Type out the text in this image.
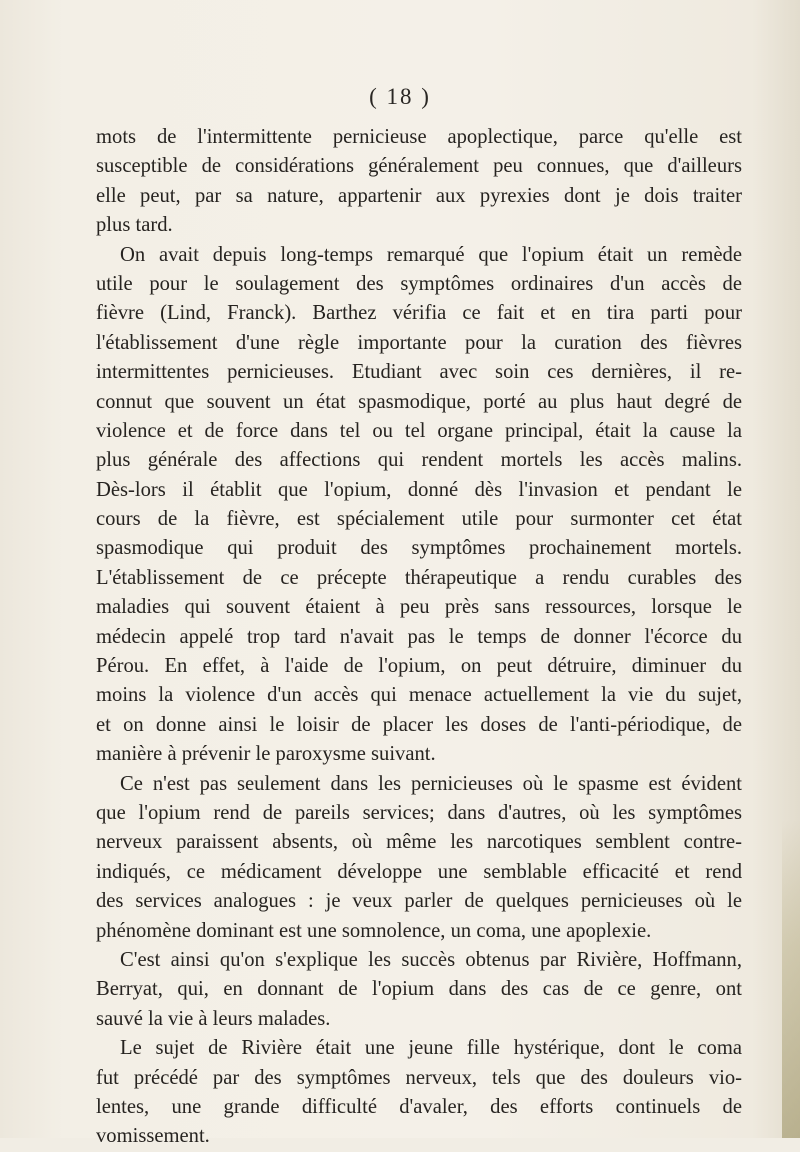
( 18 )
mots de l'intermittente pernicieuse apoplectique, parce qu'elle est
susceptible de considérations généralement peu connues, que d'ailleurs
elle peut, par sa nature, appartenir aux pyrexies dont je dois traiter
plus tard.
On avait depuis long-temps remarqué que l'opium était un remède
utile pour le soulagement des symptômes ordinaires d'un accès de
fièvre (Lind, Franck). Barthez vérifia ce fait et en tira parti pour
l'établissement d'une règle importante pour la curation des fièvres
intermittentes pernicieuses. Etudiant avec soin ces dernières, il re-
connut que souvent un état spasmodique, porté au plus haut degré de
violence et de force dans tel ou tel organe principal, était la cause la
plus générale des affections qui rendent mortels les accès malins.
Dès-lors il établit que l'opium, donné dès l'invasion et pendant le
cours de la fièvre, est spécialement utile pour surmonter cet état
spasmodique qui produit des symptômes prochainement mortels.
L'établissement de ce précepte thérapeutique a rendu curables des
maladies qui souvent étaient à peu près sans ressources, lorsque le
médecin appelé trop tard n'avait pas le temps de donner l'écorce du
Pérou. En effet, à l'aide de l'opium, on peut détruire, diminuer du
moins la violence d'un accès qui menace actuellement la vie du sujet,
et on donne ainsi le loisir de placer les doses de l'anti-périodique, de
manière à prévenir le paroxysme suivant.
Ce n'est pas seulement dans les pernicieuses où le spasme est évident
que l'opium rend de pareils services; dans d'autres, où les symptômes
nerveux paraissent absents, où même les narcotiques semblent contre-
indiqués, ce médicament développe une semblable efficacité et rend
des services analogues : je veux parler de quelques pernicieuses où le
phénomène dominant est une somnolence, un coma, une apoplexie.
C'est ainsi qu'on s'explique les succès obtenus par Rivière, Hoffmann,
Berryat, qui, en donnant de l'opium dans des cas de ce genre, ont
sauvé la vie à leurs malades.
Le sujet de Rivière était une jeune fille hystérique, dont le coma
fut précédé par des symptômes nerveux, tels que des douleurs vio-
lentes, une grande difficulté d'avaler, des efforts continuels de
vomissement.
